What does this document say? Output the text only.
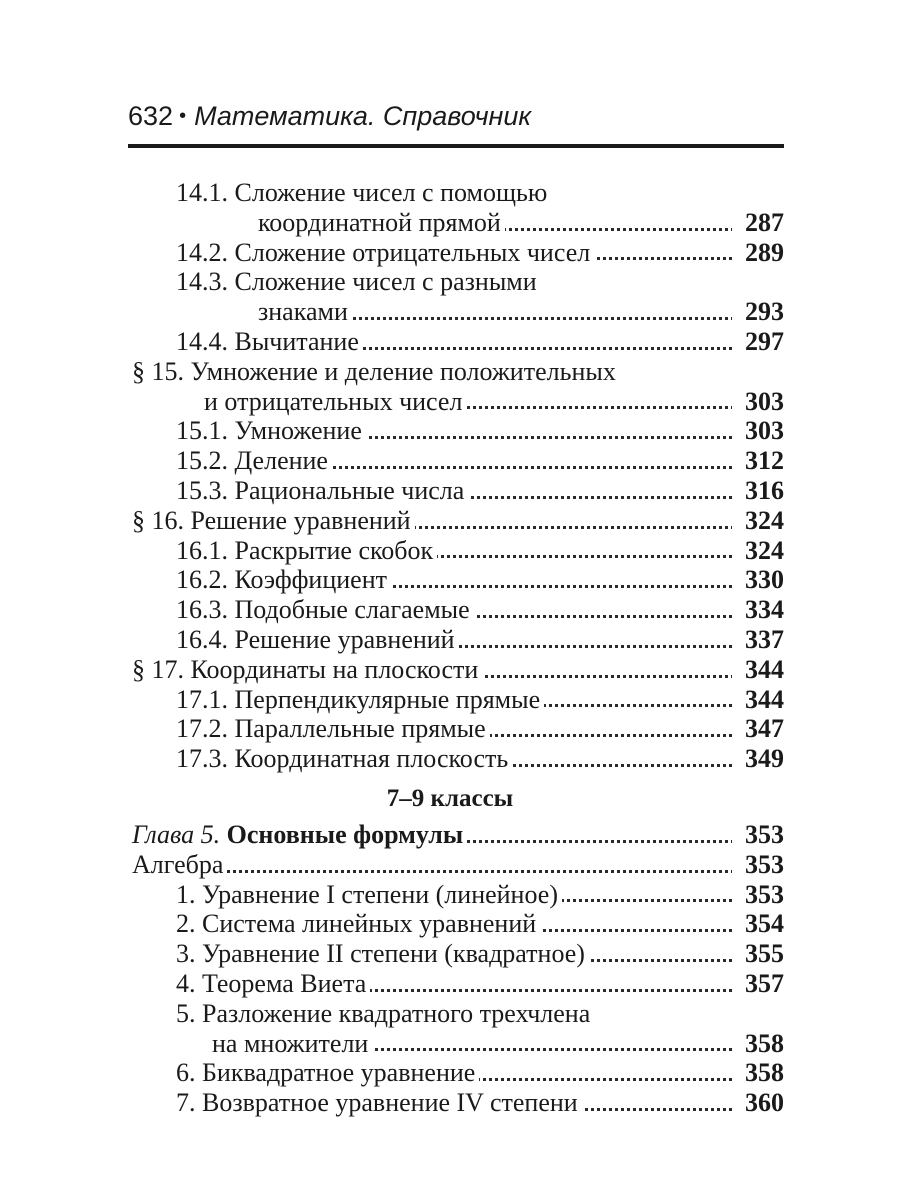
632 • Математика. Справочник
14.1. Сложение чисел с помощью
координатной прямой	287
14.2. Сложение отрицательных чисел	289
14.3. Сложение чисел с разными
знаками	293
14.4. Вычитание	297
§ 15. Умножение и деление положительных
и отрицательных чисел	303
15.1. Умножение	303
15.2. Деление	312
15.3. Рациональные числа	316
§ 16. Решение уравнений	324
16.1. Раскрытие скобок	324
16.2. Коэффициент	330
16.3. Подобные слагаемые	334
16.4. Решение уравнений	337
§ 17. Координаты на плоскости	344
17.1. Перпендикулярные прямые	344
17.2. Параллельные прямые	347
17.3. Координатная плоскость	349
7–9 классы
Глава 5. Основные формулы	353
Алгебра	353
1. Уравнение I степени (линейное)	353
2. Система линейных уравнений	354
3. Уравнение II степени (квадратное)	355
4. Теорема Виета	357
5. Разложение квадратного трехчлена
на множители	358
6. Биквадратное уравнение	358
7. Возвратное уравнение IV степени	360
